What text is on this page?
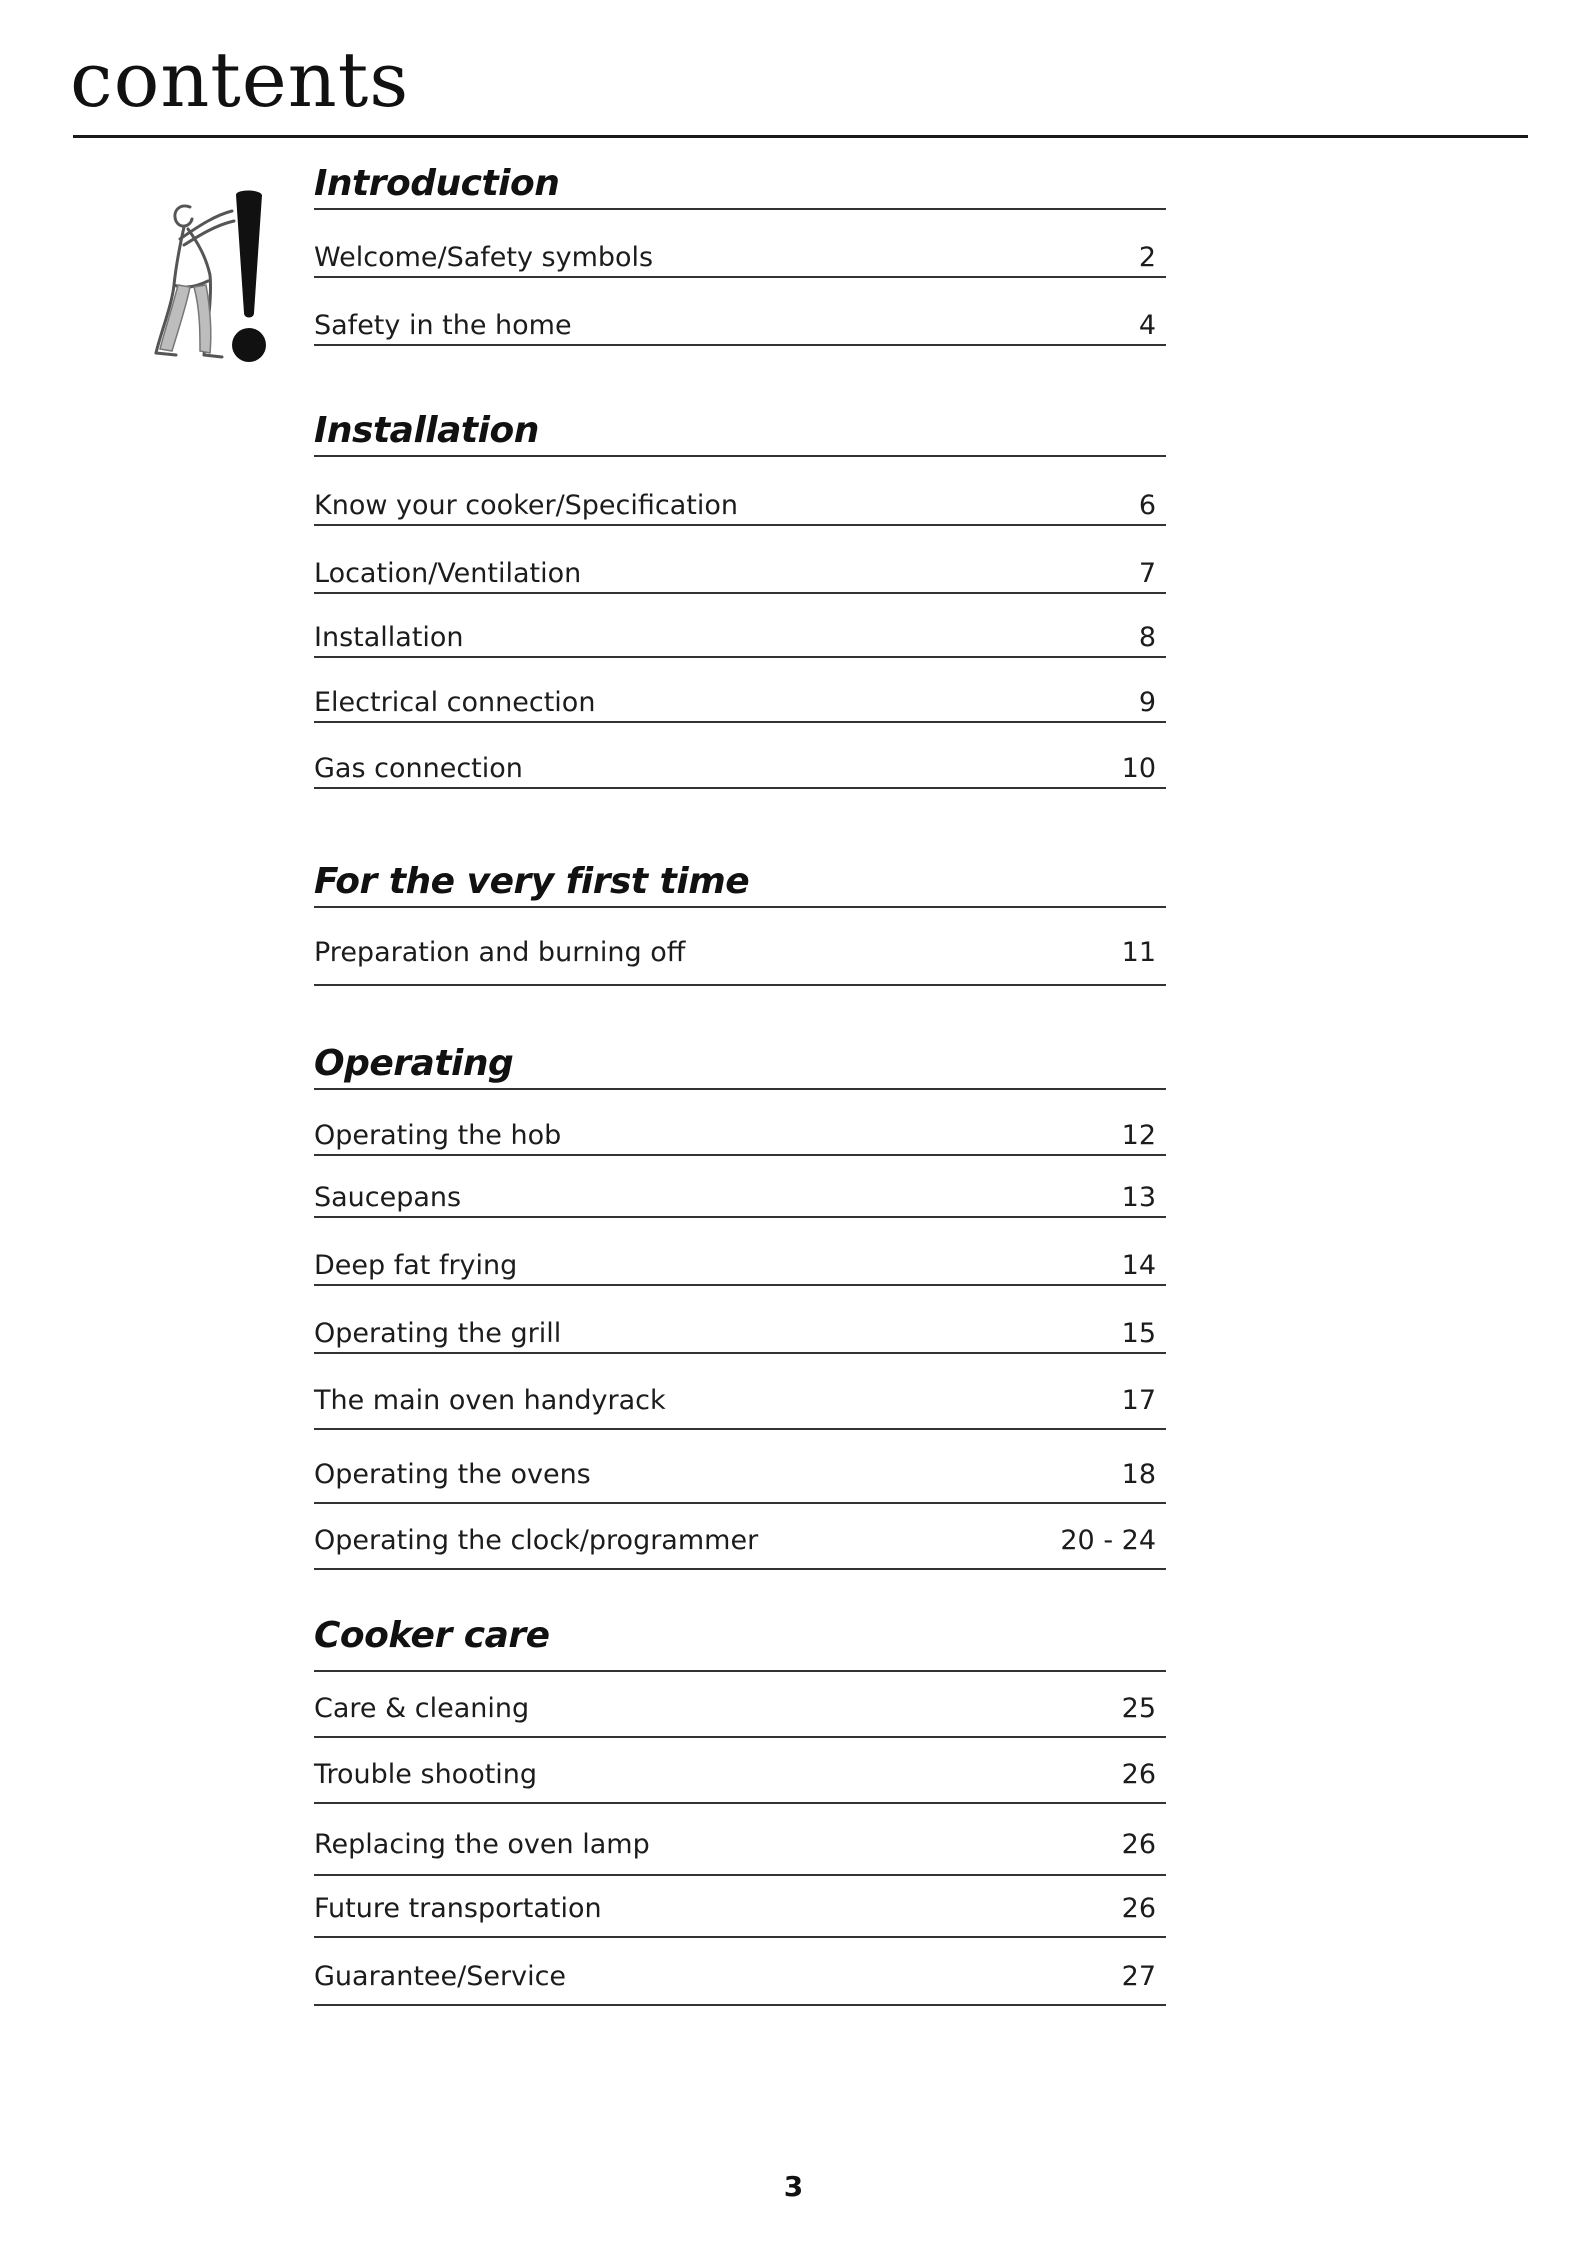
contents
Introduction
Welcome/Safety symbols	2
Safety in the home	4
Installation
Know your cooker/Specification	6
Location/Ventilation	7
Installation	8
Electrical connection	9
Gas connection	10
For the very first time
Preparation and burning off	11
Operating
Operating the hob	12
Saucepans	13
Deep fat frying	14
Operating the grill	15
The main oven handyrack	17
Operating the ovens	18
Operating the clock/programmer	20 - 24
Cooker care
Care & cleaning	25
Trouble shooting	26
Replacing the oven lamp	26
Future transportation	26
Guarantee/Service	27
3
